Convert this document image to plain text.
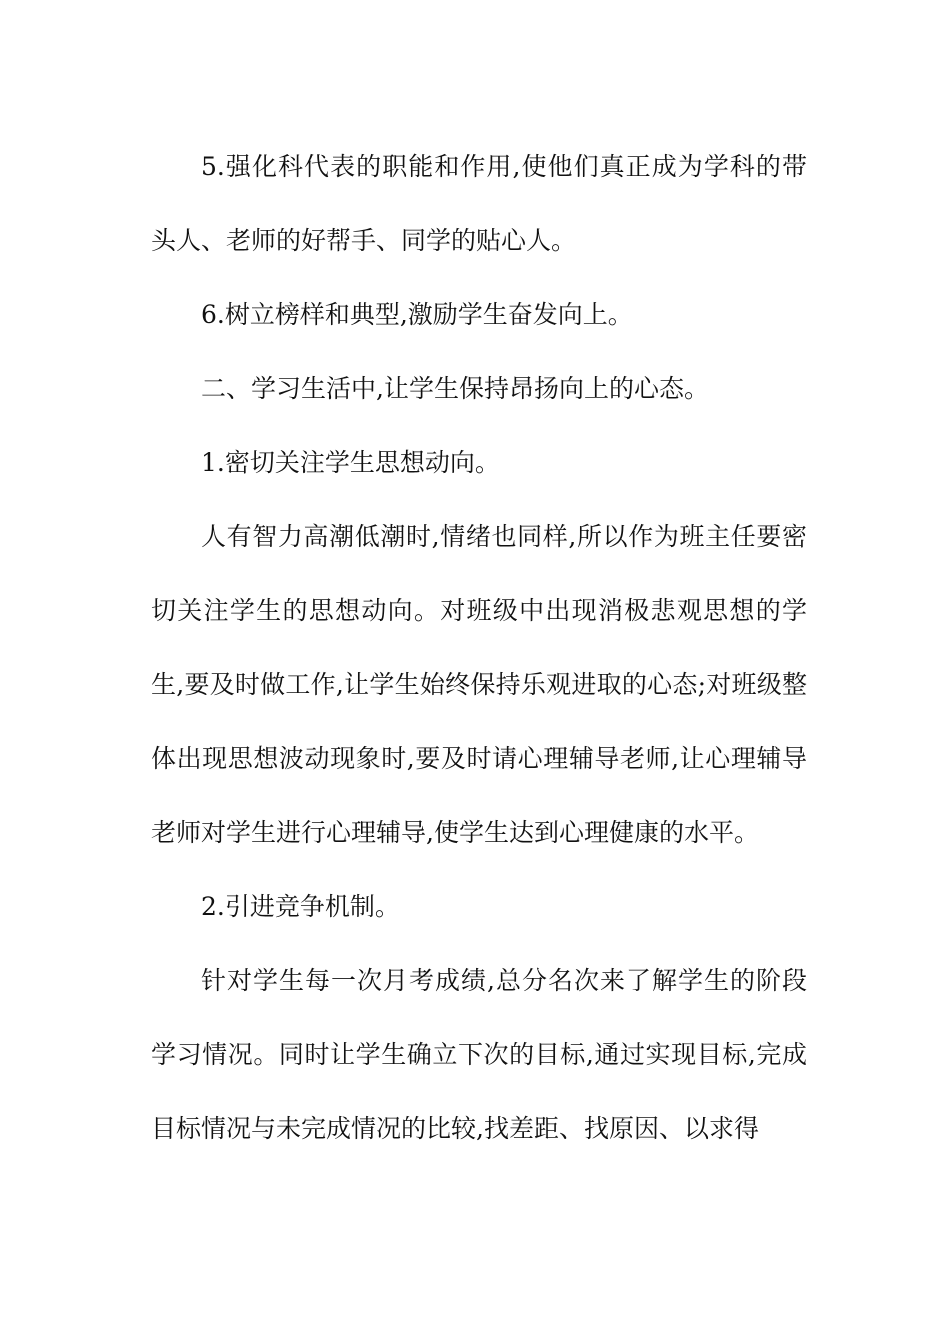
5.强化科代表的职能和作用,使他们真正成为学科的带头人、老师的好帮手、同学的贴心人。

6.树立榜样和典型,激励学生奋发向上。

二、学习生活中,让学生保持昂扬向上的心态。

1.密切关注学生思想动向。

人有智力高潮低潮时,情绪也同样,所以作为班主任要密切关注学生的思想动向。对班级中出现消极悲观思想的学生,要及时做工作,让学生始终保持乐观进取的心态;对班级整体出现思想波动现象时,要及时请心理辅导老师,让心理辅导老师对学生进行心理辅导,使学生达到心理健康的水平。

2.引进竞争机制。

针对学生每一次月考成绩,总分名次来了解学生的阶段学习情况。同时让学生确立下次的目标,通过实现目标,完成目标情况与未完成情况的比较,找差距、找原因、以求得
